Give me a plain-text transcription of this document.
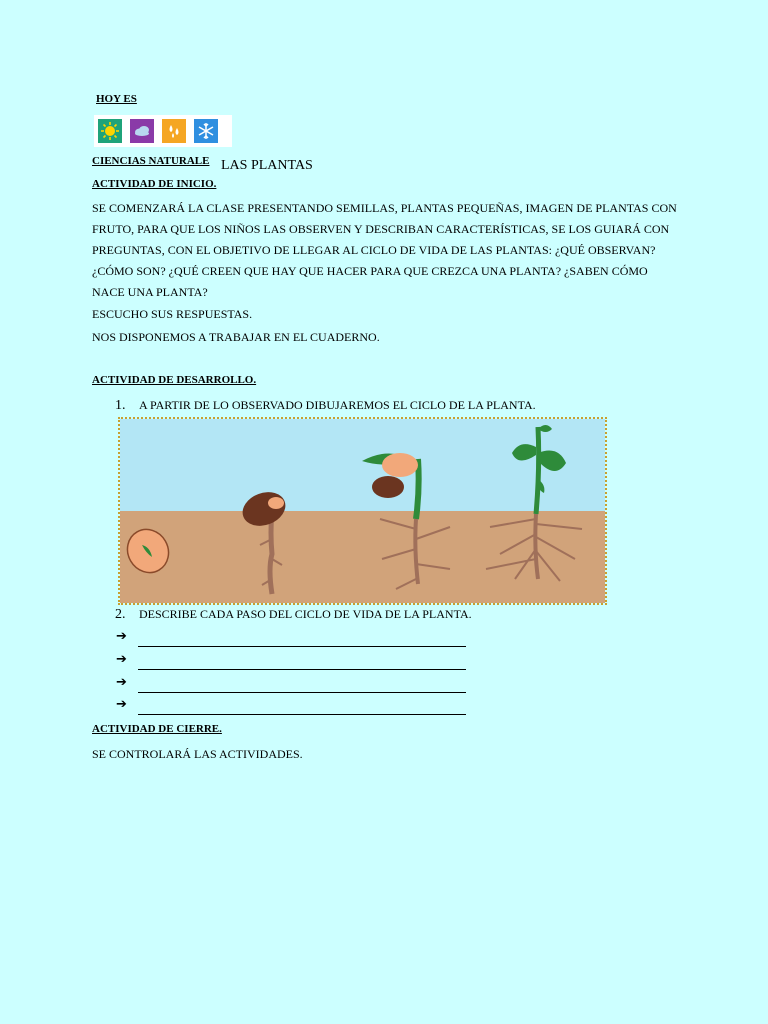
HOY ES
CIENCIAS NATURALE LAS PLANTAS
ACTIVIDAD DE INICIO.
SE COMENZARÁ LA CLASE PRESENTANDO SEMILLAS, PLANTAS PEQUEÑAS, IMAGEN DE PLANTAS CON
FRUTO, PARA QUE LOS NIÑOS LAS OBSERVEN Y DESCRIBAN CARACTERÍSTICAS, SE LOS GUIARÁ CON
PREGUNTAS, CON EL OBJETIVO DE LLEGAR AL CICLO DE VIDA DE LAS PLANTAS: ¿QUÉ OBSERVAN?
¿CÓMO SON? ¿QUÉ CREEN QUE HAY QUE HACER PARA QUE CREZCA UNA PLANTA? ¿SABEN CÓMO
NACE UNA PLANTA?
ESCUCHO SUS RESPUESTAS.
NOS DISPONEMOS A TRABAJAR EN EL CUADERNO.
ACTIVIDAD DE DESARROLLO.
1. A PARTIR DE LO OBSERVADO DIBUJAREMOS EL CICLO DE LA PLANTA.
2. DESCRIBE CADA PASO DEL CICLO DE VIDA DE LA PLANTA.
➔
➔
➔
➔
ACTIVIDAD DE CIERRE.
SE CONTROLARÁ LAS ACTIVIDADES.
